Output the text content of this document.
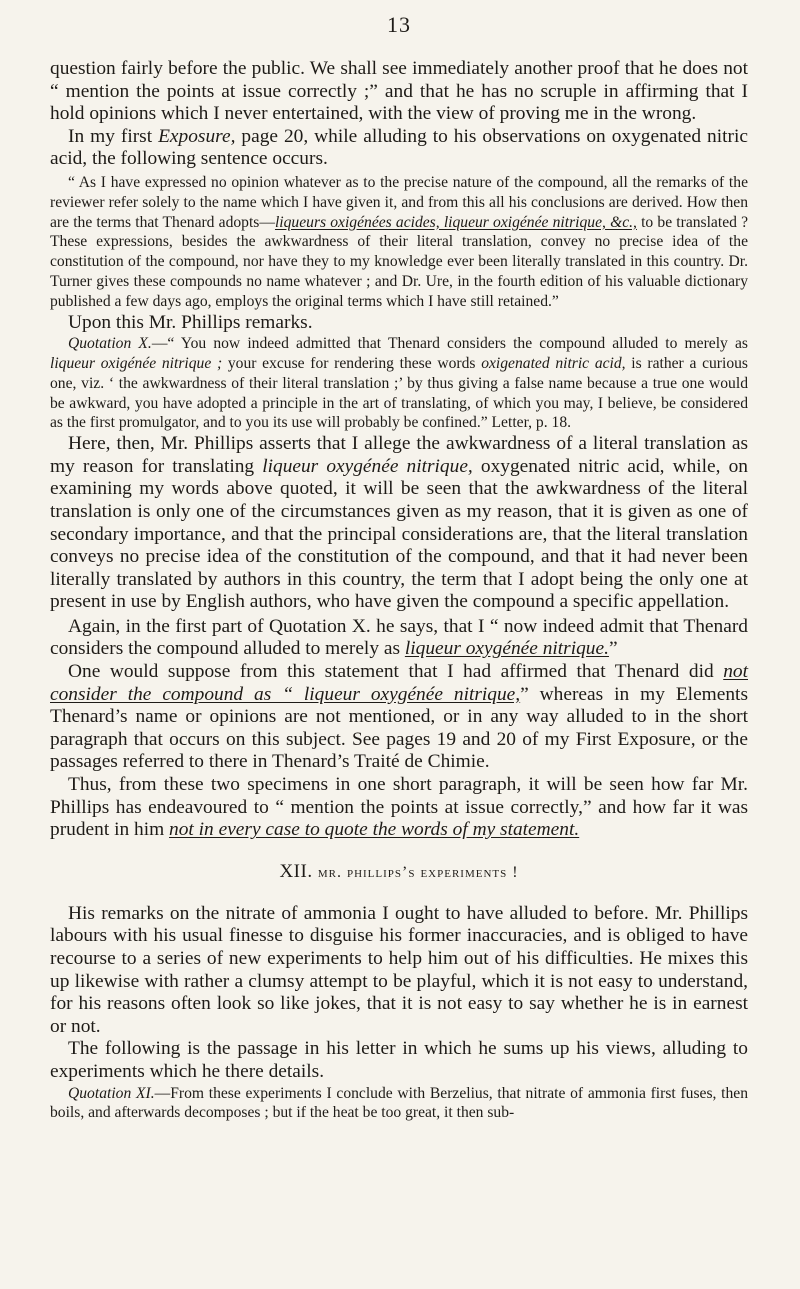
13

question fairly before the public. We shall see immediately another proof that he does not “ mention the points at issue correctly ;” and that he has no scruple in affirming that I hold opinions which I never entertained, with the view of proving me in the wrong.

In my first Exposure, page 20, while alluding to his observations on oxygenated nitric acid, the following sentence occurs.

“ As I have expressed no opinion whatever as to the precise nature of the compound, all the remarks of the reviewer refer solely to the name which I have given it, and from this all his conclusions are derived. How then are the terms that Thenard adopts—liqueurs oxigénées acides, liqueur oxigénée nitrique, &c., to be translated ? These expressions, besides the awkwardness of their literal translation, convey no precise idea of the constitution of the compound, nor have they to my knowledge ever been literally translated in this country. Dr. Turner gives these compounds no name whatever ; and Dr. Ure, in the fourth edition of his valuable dictionary published a few days ago, employs the original terms which I have still retained.”

Upon this Mr. Phillips remarks.

Quotation X.—“ You now indeed admitted that Thenard considers the compound alluded to merely as liqueur oxigénée nitrique ; your excuse for rendering these words oxigenated nitric acid, is rather a curious one, viz. ‘ the awkwardness of their literal translation ;’ by thus giving a false name because a true one would be awkward, you have adopted a principle in the art of translating, of which you may, I believe, be considered as the first promulgator, and to you its use will probably be confined.” Letter, p. 18.

Here, then, Mr. Phillips asserts that I allege the awkwardness of a literal translation as my reason for translating liqueur oxygénée nitrique, oxygenated nitric acid, while, on examining my words above quoted, it will be seen that the awkwardness of the literal translation is only one of the circumstances given as my reason, that it is given as one of secondary importance, and that the principal considerations are, that the literal translation conveys no precise idea of the constitution of the compound, and that it had never been literally translated by authors in this country, the term that I adopt being the only one at present in use by English authors, who have given the compound a specific appellation.

Again, in the first part of Quotation X. he says, that I “ now indeed admit that Thenard considers the compound alluded to merely as liqueur oxygénée nitrique.”

One would suppose from this statement that I had affirmed that Thenard did not consider the compound as “ liqueur oxygénée nitrique,” whereas in my Elements Thenard’s name or opinions are not mentioned, or in any way alluded to in the short paragraph that occurs on this subject. See pages 19 and 20 of my First Exposure, or the passages referred to there in Thenard’s Traité de Chimie.

Thus, from these two specimens in one short paragraph, it will be seen how far Mr. Phillips has endeavoured to “ mention the points at issue correctly,” and how far it was prudent in him not in every case to quote the words of my statement.

XII. mr. phillips’s experiments !

His remarks on the nitrate of ammonia I ought to have alluded to before. Mr. Phillips labours with his usual finesse to disguise his former inaccuracies, and is obliged to have recourse to a series of new experiments to help him out of his difficulties. He mixes this up likewise with rather a clumsy attempt to be playful, which it is not easy to understand, for his reasons often look so like jokes, that it is not easy to say whether he is in earnest or not.

The following is the passage in his letter in which he sums up his views, alluding to experiments which he there details.

Quotation XI.—From these experiments I conclude with Berzelius, that nitrate of ammonia first fuses, then boils, and afterwards decomposes ; but if the heat be too great, it then sub-
